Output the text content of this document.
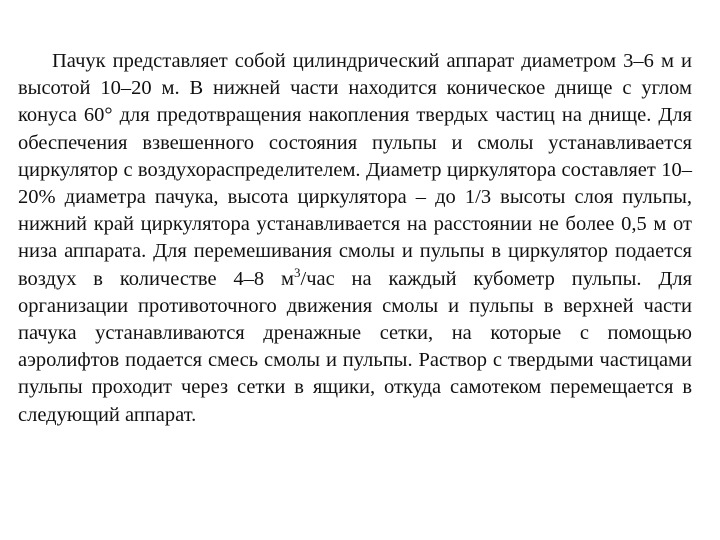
Пачук представляет собой цилиндрический аппарат диаметром 3–6 м и высотой 10–20 м. В нижней части находится коническое днище с углом конуса 60° для предотвращения накопления твердых частиц на днище. Для обеспечения взвешенного состояния пульпы и смолы устанавливается циркулятор с воздухораспределителем. Диаметр циркулятора составляет 10–20% диаметра пачука, высота циркулятора – до 1/3 высоты слоя пульпы, нижний край циркулятора устанавливается на расстоянии не более 0,5 м от низа аппарата. Для перемешивания смолы и пульпы в циркулятор подается воздух в количестве 4–8 $м^3$/час на каждый кубометр пульпы. Для организации противоточного движения смолы и пульпы в верхней части пачука устанавливаются дренажные сетки, на которые с помощью аэролифтов подается смесь смолы и пульпы. Раствор с твердыми частицами пульпы проходит через сетки в ящики, откуда самотеком перемещается в следующий аппарат.
